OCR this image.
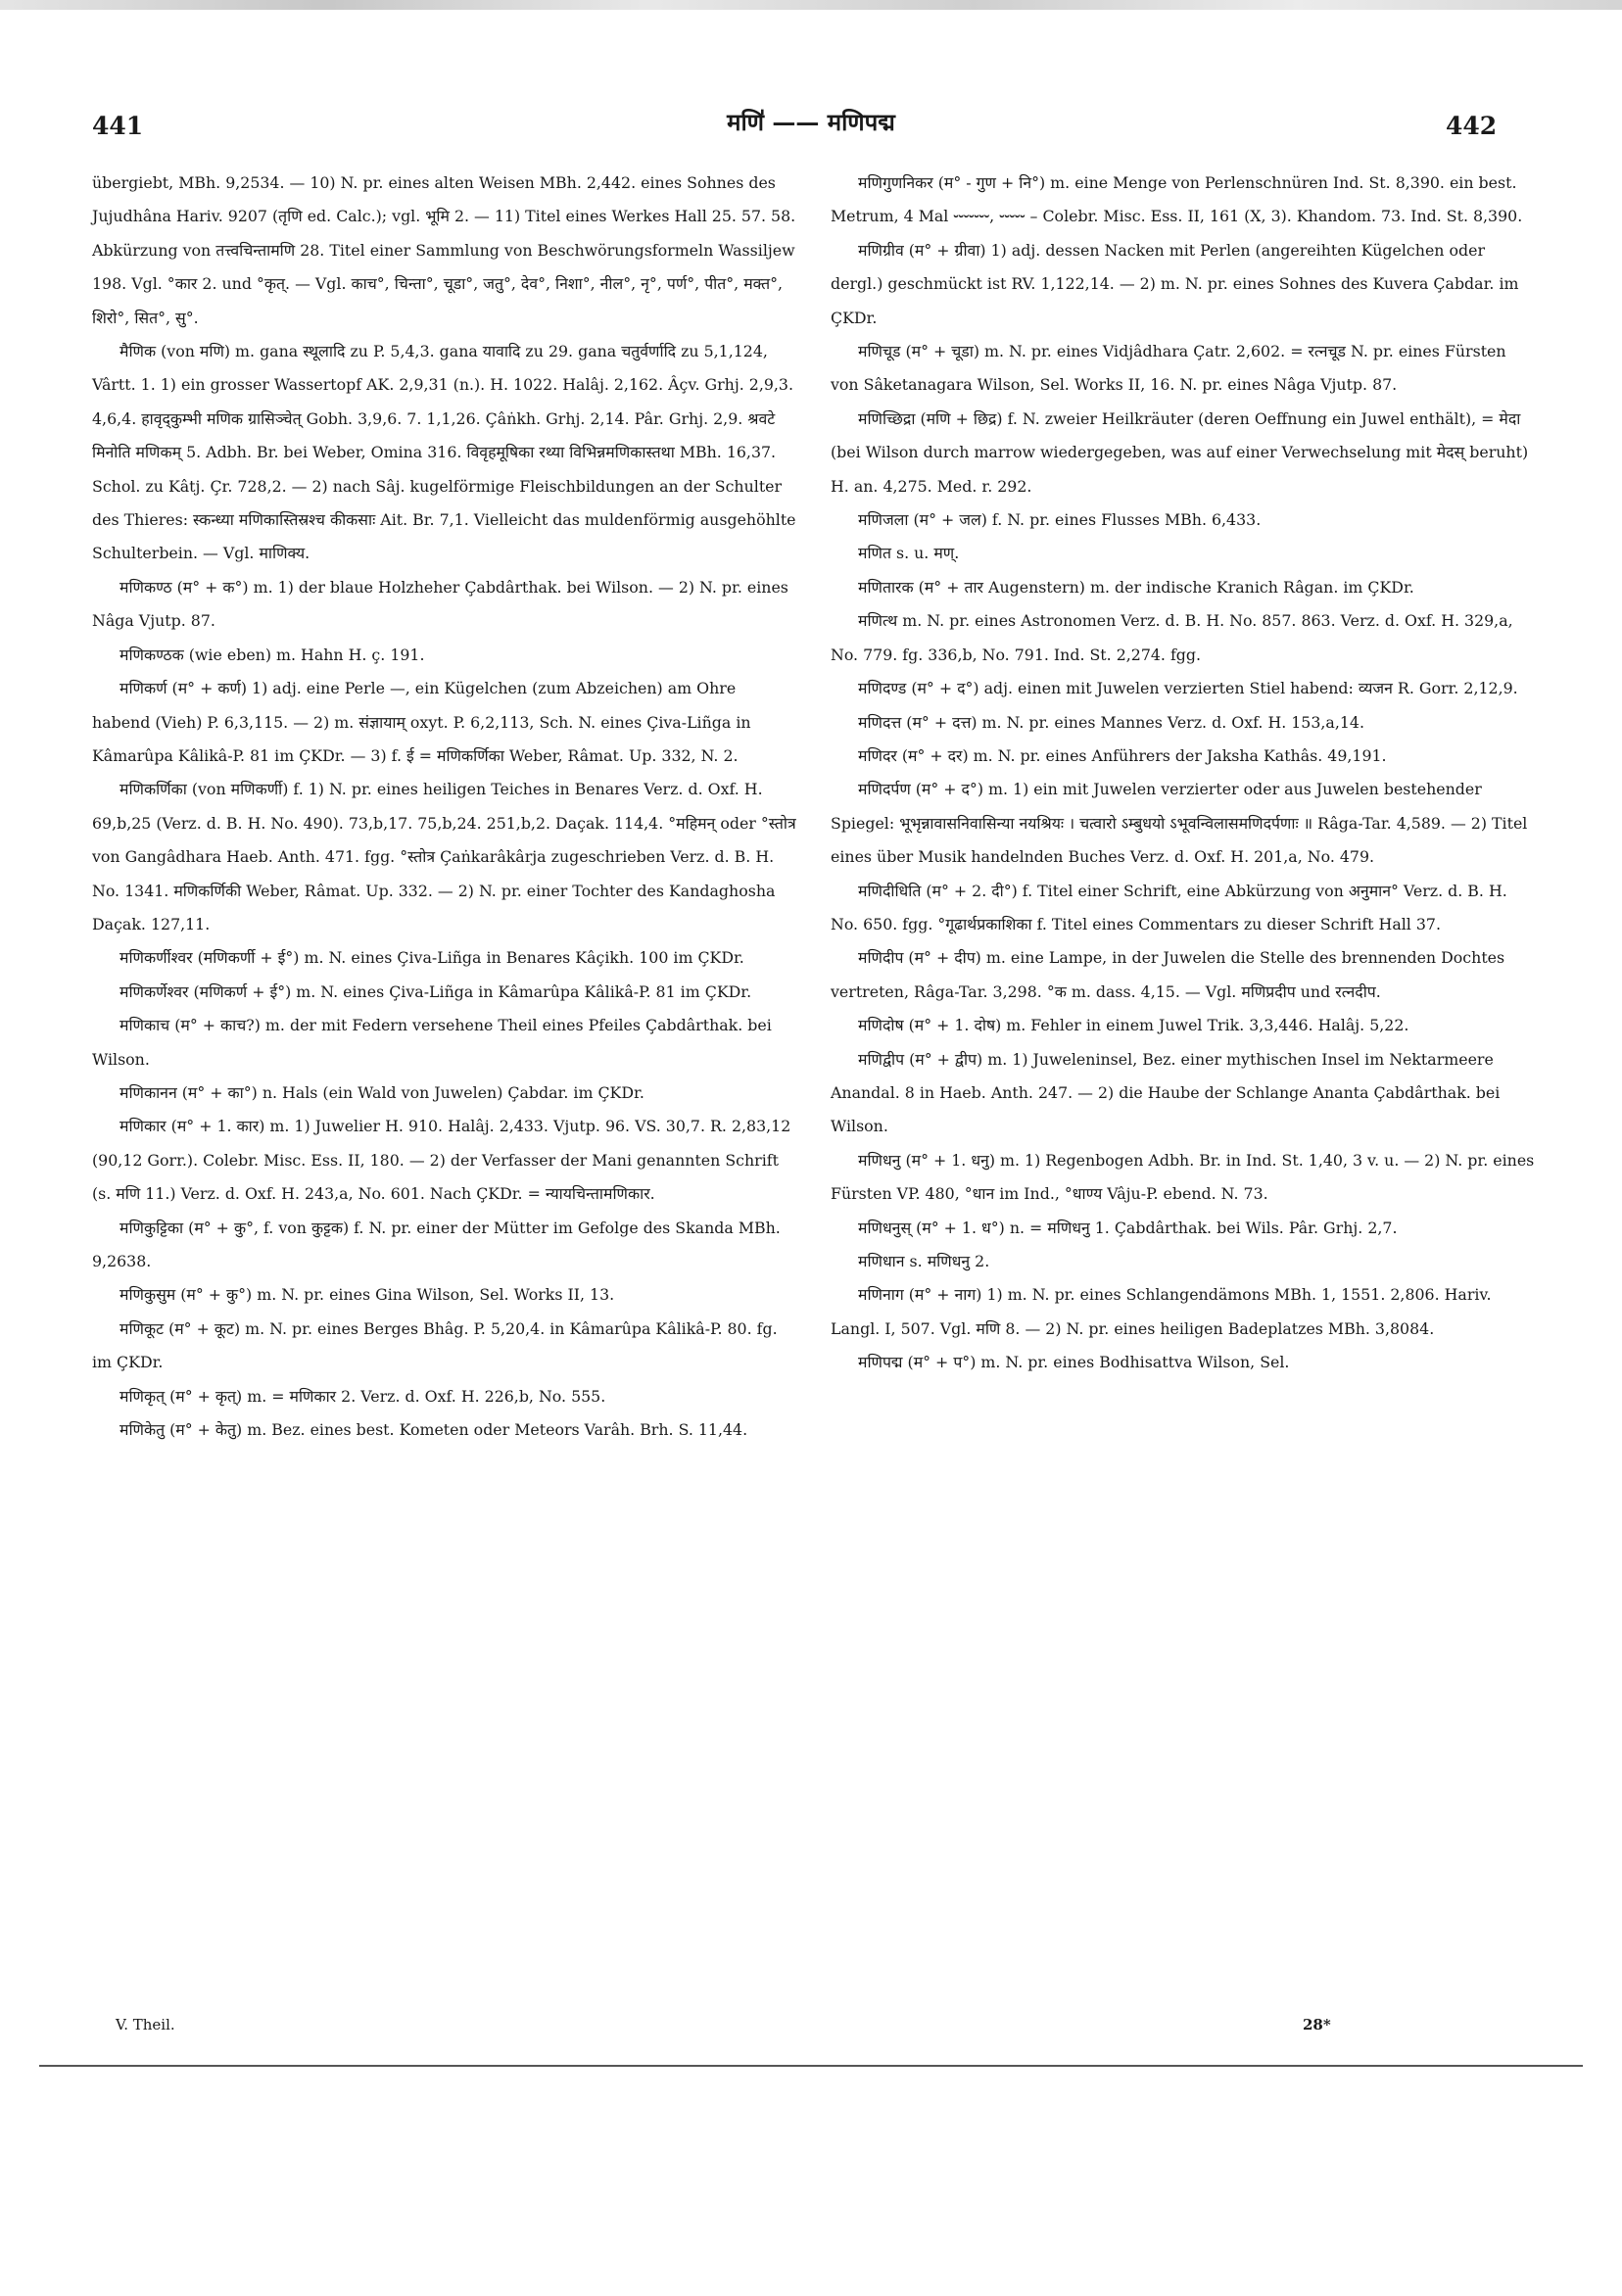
441	मणि॑ —— मणिपद्म	442

übergiebt, MBh. 9,2534. — 10) N. pr. eines alten Weisen MBh. 2,442. eines Sohnes des Jujudhâna Hariv. 9207 (तृणि ed. Calc.); vgl. भूमि 2. — 11) Titel eines Werkes Hall 25. 57. 58. Abkürzung von तत्त्वचिन्तामणि 28. Titel einer Sammlung von Beschwörungsformeln Wassiljew 198. Vgl. °कार 2. und °कृत्. — Vgl. काच°, चिन्ता°, चूडा°, जतु°, देव°, निशा°, नील°, नृ°, पर्ण°, पीत°, मक्त°, शिरो°, सित°, सु°.

मैणिक (von मणि) m. gana स्थूलादि zu P. 5,4,3. gana यावादि zu 29. gana चतुर्वर्णादि zu 5,1,124, Vârtt. 1. 1) ein grosser Wassertopf AK. 2,9,31 (n.). H. 1022. Halâj. 2,162. Âçv. Grhj. 2,9,3. 4,6,4. हावृद्कुम्भी मणिक ग्रासिञ्चेत् Gobh. 3,9,6. 7. 1,1,26. Çâṅkh. Grhj. 2,14. Pâr. Grhj. 2,9. श्रवटे मिनोति मणिकम् 5. Adbh. Br. bei Weber, Omina 316. विवृहमूषिका रथ्या विभिन्नमणिकास्तथा MBh. 16,37. Schol. zu Kâtj. Çr. 728,2. — 2) nach Sâj. kugelförmige Fleischbildungen an der Schulter des Thieres: स्कन्ध्या मणिकास्तिस्रश्च कीकसाः Ait. Br. 7,1. Vielleicht das muldenförmig ausgehöhlte Schulterbein. — Vgl. माणिक्य.

मणिकण्ठ (म° + क°) m. 1) der blaue Holzheher Çabdârthak. bei Wilson. — 2) N. pr. eines Nâga Vjutp. 87.

मणिकण्ठक (wie eben) m. Hahn H. ç. 191.

मणिकर्ण (म° + कर्ण) 1) adj. eine Perle —, ein Kügelchen (zum Abzeichen) am Ohre habend (Vieh) P. 6,3,115. — 2) m. संज्ञायाम् oxyt. P. 6,2,113, Sch. N. eines Çiva-Liñga in Kâmarûpa Kâlikâ-P. 81 im ÇKDr. — 3) f. ई = मणिकर्णिका Weber, Râmat. Up. 332, N. 2.

मणिकर्णिका (von मणिकर्णी) f. 1) N. pr. eines heiligen Teiches in Benares Verz. d. Oxf. H. 69,b,25 (Verz. d. B. H. No. 490). 73,b,17. 75,b,24. 251,b,2. Daçak. 114,4. °महिमन् oder °स्तोत्र von Gangâdhara Haeb. Anth. 471. fgg. °स्तोत्र Çaṅkarâkârja zugeschrieben Verz. d. B. H. No. 1341. मणिकर्णिकी Weber, Râmat. Up. 332. — 2) N. pr. einer Tochter des Kandaghosha Daçak. 127,11.

मणिकर्णीश्वर (मणिकर्णी + ई°) m. N. eines Çiva-Liñga in Benares Kâçikh. 100 im ÇKDr.

मणिकर्णेश्वर (मणिकर्ण + ई°) m. N. eines Çiva-Liñga in Kâmarûpa Kâlikâ-P. 81 im ÇKDr.

मणिकाच (म° + काच?) m. der mit Federn versehene Theil eines Pfeiles Çabdârthak. bei Wilson.

मणिकानन (म° + का°) n. Hals (ein Wald von Juwelen) Çabdar. im ÇKDr.

मणिकार (म° + 1. कार) m. 1) Juwelier H. 910. Halâj. 2,433. Vjutp. 96. VS. 30,7. R. 2,83,12 (90,12 Gorr.). Colebr. Misc. Ess. II, 180. — 2) der Verfasser der Mani genannten Schrift (s. मणि 11.) Verz. d. Oxf. H. 243,a, No. 601. Nach ÇKDr. = न्यायचिन्तामणिकार.

मणिकुट्टिका (म° + कु°, f. von कुट्टक) f. N. pr. einer der Mütter im Gefolge des Skanda MBh. 9,2638.

मणिकुसुम (म° + कु°) m. N. pr. eines Gina Wilson, Sel. Works II, 13.

मणिकूट (म° + कूट) m. N. pr. eines Berges Bhâg. P. 5,20,4. in Kâmarûpa Kâlikâ-P. 80. fg. im ÇKDr.

मणिकृत् (म° + कृत्) m. = मणिकार 2. Verz. d. Oxf. H. 226,b, No. 555.

मणिकेतु (म° + केतु) m. Bez. eines best. Kometen oder Meteors Varâh. Brh. S. 11,44.

मणिगुणनिकर (म° - गुण + नि°) m. eine Menge von Perlenschnüren Ind. St. 8,390. ein best. Metrum, 4 Mal ⏑⏑⏑⏑⏑⏑⏑, ⏑⏑⏑⏑⏑ – Colebr. Misc. Ess. II, 161 (X, 3). Khandom. 73. Ind. St. 8,390.

मणिग्रीव (म° + ग्रीवा) 1) adj. dessen Nacken mit Perlen (angereihten Kügelchen oder dergl.) geschmückt ist RV. 1,122,14. — 2) m. N. pr. eines Sohnes des Kuvera Çabdar. im ÇKDr.

मणिचूड (म° + चूडा) m. N. pr. eines Vidjâdhara Çatr. 2,602. = रत्नचूड N. pr. eines Fürsten von Sâketanagara Wilson, Sel. Works II, 16. N. pr. eines Nâga Vjutp. 87.

मणिच्छिद्रा (मणि + छिद्र) f. N. zweier Heilkräuter (deren Oeffnung ein Juwel enthält), = मेदा (bei Wilson durch marrow wiedergegeben, was auf einer Verwechselung mit मेदस् beruht) H. an. 4,275. Med. r. 292.

मणिजला (म° + जल) f. N. pr. eines Flusses MBh. 6,433.

मणित s. u. मण्.

मणितारक (म° + तार Augenstern) m. der indische Kranich Râgan. im ÇKDr.

मणित्थ m. N. pr. eines Astronomen Verz. d. B. H. No. 857. 863. Verz. d. Oxf. H. 329,a, No. 779. fg. 336,b, No. 791. Ind. St. 2,274. fgg.

मणिदण्ड (म° + द°) adj. einen mit Juwelen verzierten Stiel habend: व्यजन R. Gorr. 2,12,9.

मणिदत्त (म° + दत्त) m. N. pr. eines Mannes Verz. d. Oxf. H. 153,a,14.

मणिदर (म° + दर) m. N. pr. eines Anführers der Jaksha Kathâs. 49,191.

मणिदर्पण (म° + द°) m. 1) ein mit Juwelen verzierter oder aus Juwelen bestehender Spiegel: भूभृन्नावासनिवासिन्या नयश्रियः । चत्वारो ऽम्बुधयो ऽभूवन्विलासमणिदर्पणाः ॥ Râga-Tar. 4,589. — 2) Titel eines über Musik handelnden Buches Verz. d. Oxf. H. 201,a, No. 479.

मणिदीधिति (म° + 2. दी°) f. Titel einer Schrift, eine Abkürzung von अनुमान° Verz. d. B. H. No. 650. fgg. °गूढार्थप्रकाशिका f. Titel eines Commentars zu dieser Schrift Hall 37.

मणिदीप (म° + दीप) m. eine Lampe, in der Juwelen die Stelle des brennenden Dochtes vertreten, Râga-Tar. 3,298. °क m. dass. 4,15. — Vgl. मणिप्रदीप und रत्नदीप.

मणिदोष (म° + 1. दोष) m. Fehler in einem Juwel Trik. 3,3,446. Halâj. 5,22.

मणिद्वीप (म° + द्वीप) m. 1) Juweleninsel, Bez. einer mythischen Insel im Nektarmeere Anandal. 8 in Haeb. Anth. 247. — 2) die Haube der Schlange Ananta Çabdârthak. bei Wilson.

मणिधनु (म° + 1. धनु) m. 1) Regenbogen Adbh. Br. in Ind. St. 1,40, 3 v. u. — 2) N. pr. eines Fürsten VP. 480, °धान im Ind., °धाण्य Vâju-P. ebend. N. 73.

मणिधनुस् (म° + 1. ध°) n. = मणिधनु 1. Çabdârthak. bei Wils. Pâr. Grhj. 2,7.

मणिधान s. मणिधनु 2.

मणिनाग (म° + नाग) 1) m. N. pr. eines Schlangendämons MBh. 1, 1551. 2,806. Hariv. Langl. I, 507. Vgl. मणि 8. — 2) N. pr. eines heiligen Badeplatzes MBh. 3,8084.

मणिपद्म (म° + प°) m. N. pr. eines Bodhisattva Wilson, Sel.

V. Theil.	28*
